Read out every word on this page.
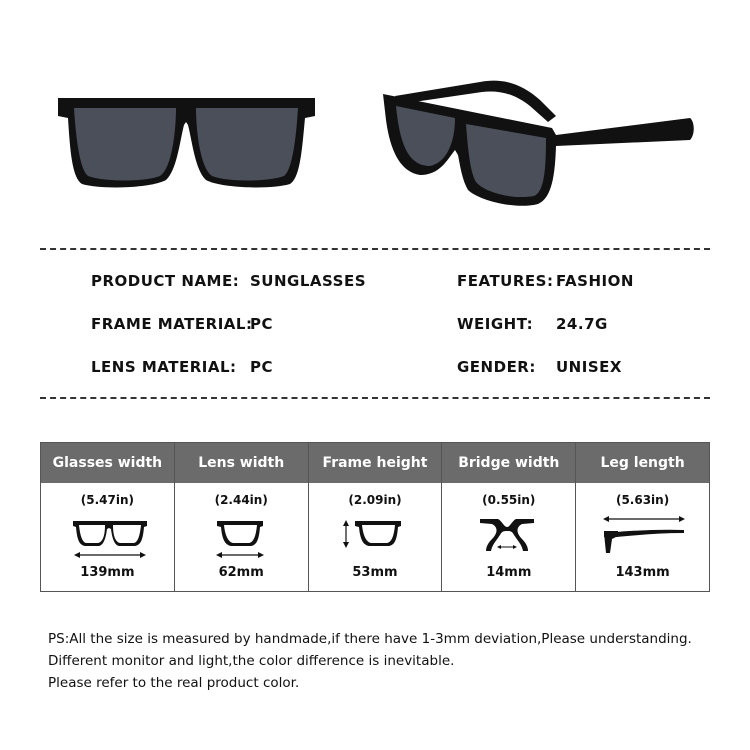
PRODUCT NAME: SUNGLASSES
FRAME MATERIAL:
PC
LENS MATERIAL: PC
FEATURES: FASHION
WEIGHT: 24.7G
GENDER: UNISEX
Glasses width
(5.47in)
139mm
Lens width
(2.44in)
62mm
Frame height
(2.09in)
53mm
Bridge width
(0.55in)
14mm
Leg length
(5.63in)
143mm
PS:All the size is measured by handmade,if there have 1-3mm deviation,Please understanding.
Different monitor and light,the color difference is inevitable.
Please refer to the real product color.
